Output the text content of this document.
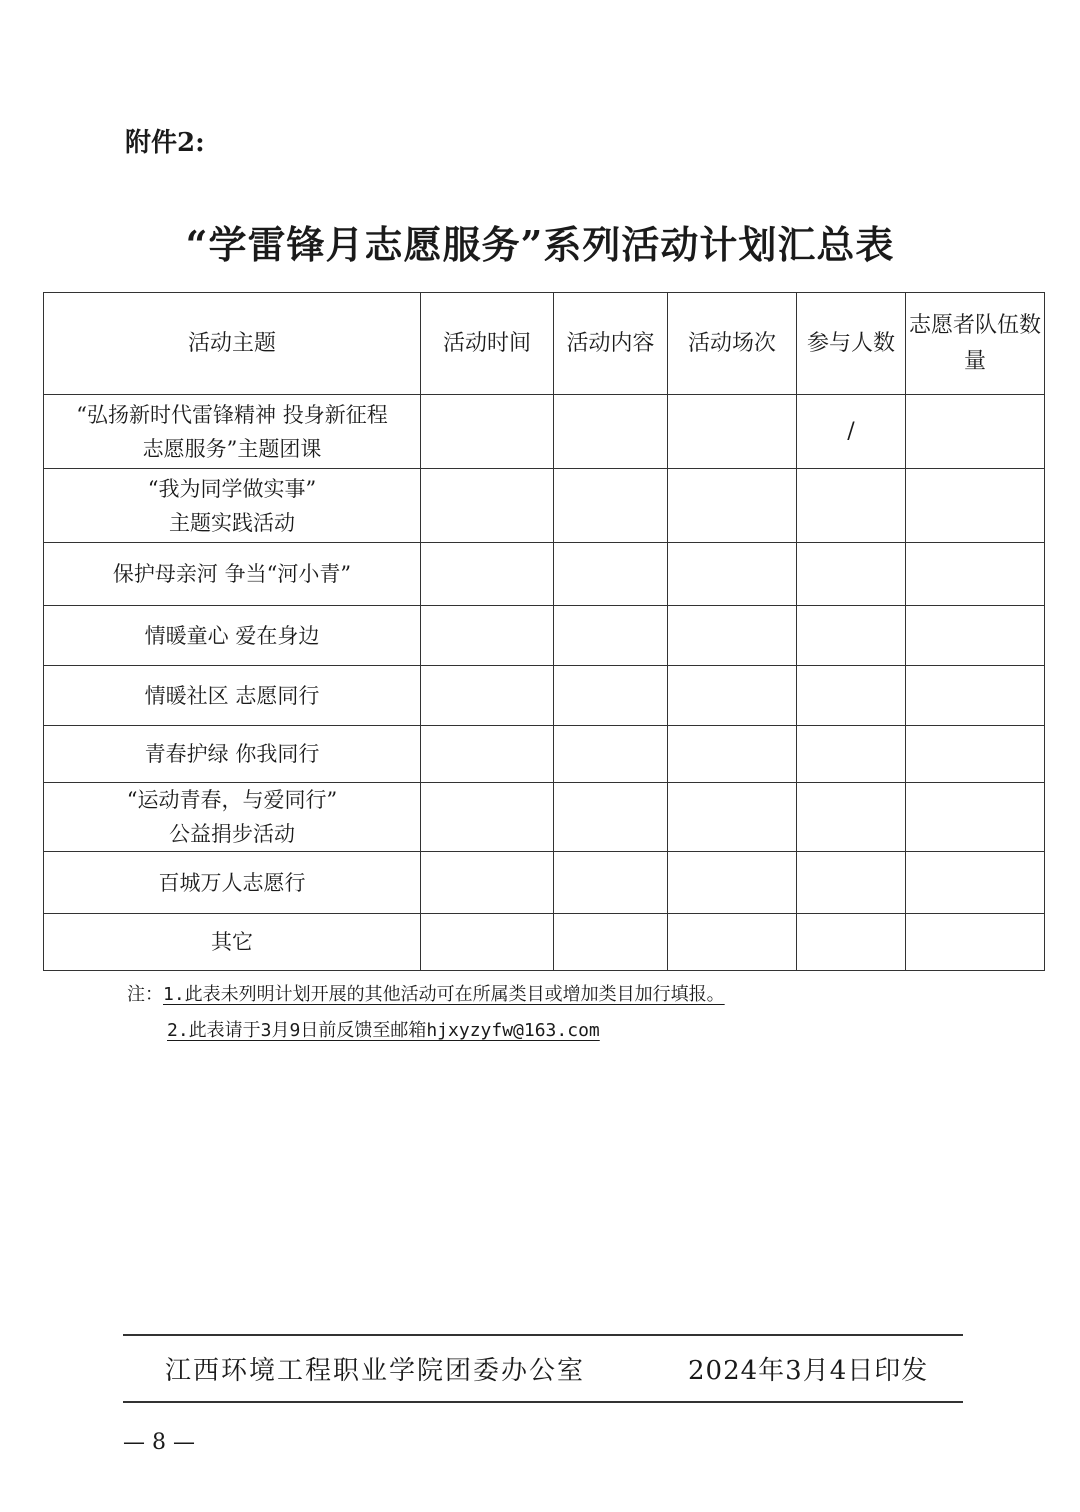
附件2:
“学雷锋月志愿服务”系列活动计划汇总表
活动主题	活动时间	活动内容	活动场次	参与人数	志愿者队伍数量

“弘扬新时代雷锋精神 投身新征程
志愿服务”主题团课				/	

“我为同学做实事”
主题实践活动					

保护母亲河 争当“河小青”					

情暖童心 爱在身边					

情暖社区 志愿同行					

青春护绿 你我同行					

“运动青春，与爱同行”
公益捐步活动					

百城万人志愿行					

其它					

注：1.此表未列明计划开展的其他活动可在所属类目或增加类目加行填报。
2.此表请于3月9日前反馈至邮箱hjxyzyfw@163.com
江西环境工程职业学院团委办公室	2024年3月4日印发
— 8 —
